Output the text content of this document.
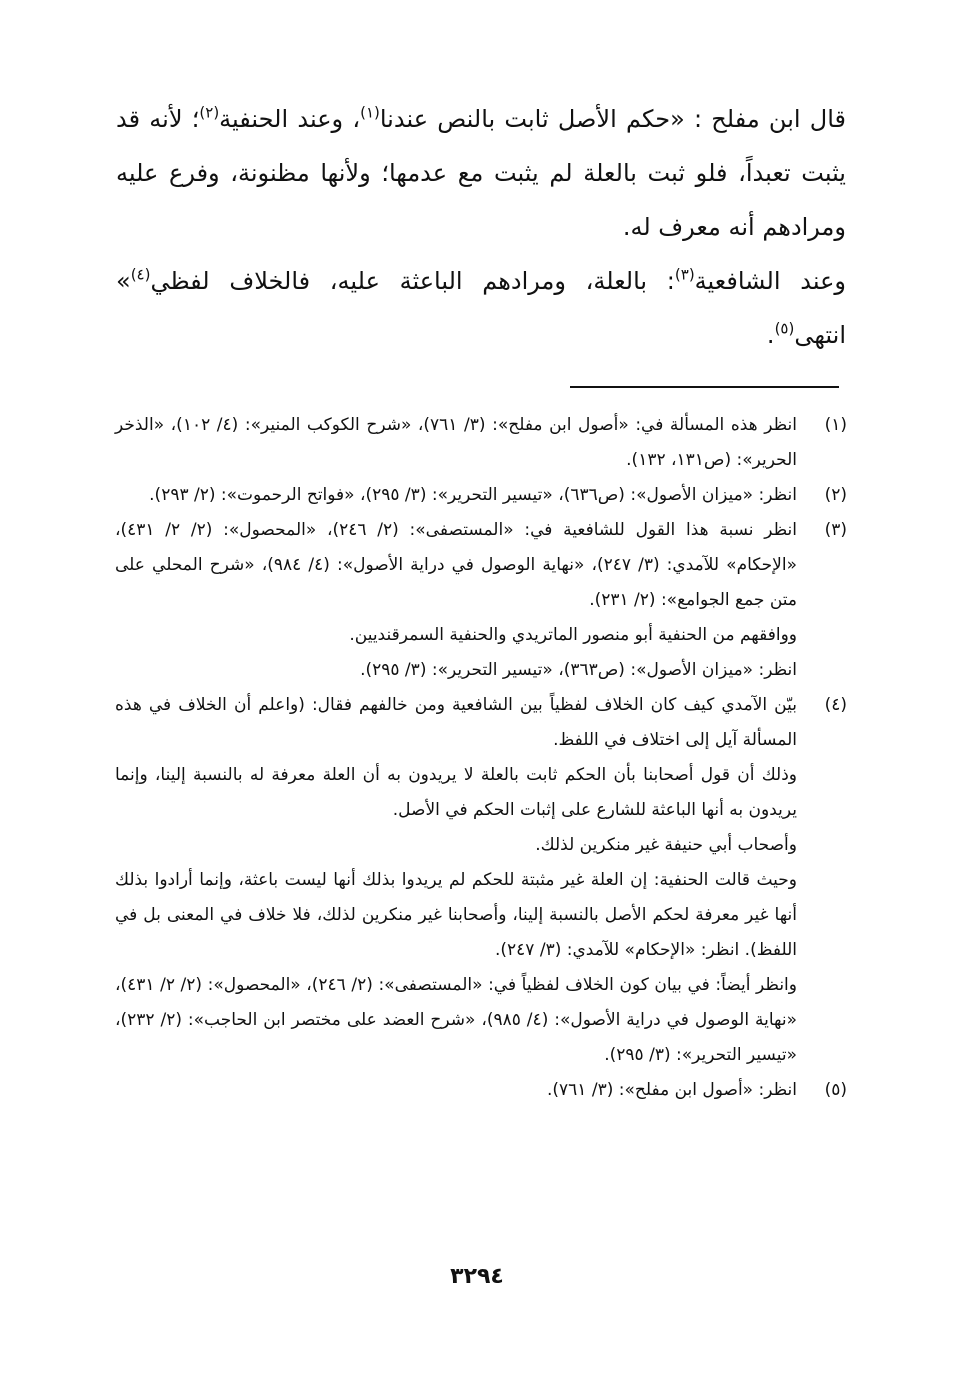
قال ابن مفلح : «حكم الأصل ثابت بالنص عندنا$^{(١)}$، وعند الحنفية$^{(٢)}$؛ لأنه قد يثبت تعبداً، فلو ثبت بالعلة لم يثبت مع عدمها؛ ولأنها مظنونة، وفرع عليه ومرادهم أنه معرف له.

وعند الشافعية$^{(٣)}$: بالعلة، ومرادهم الباعثة عليه، فالخلاف لفظي$^{(٤)}$» انتهى$^{(٥)}$.

(١)

انظر هذه المسألة في: «أصول ابن مفلح»: (٣/ ٧٦١)، «شرح الكوكب المنير»: (٤/ ١٠٢)، «الذخر الحرير»: (ص١٣١، ١٣٢).

(٢)

انظر: «ميزان الأصول»: (ص٦٣٦)، «تيسير التحرير»: (٣/ ٢٩٥)، «فواتح الرحموت»: (٢/ ٢٩٣).

(٣)

انظر نسبة هذا القول للشافعية في: «المستصفى»: (٢/ ٢٤٦)، «المحصول»: (٢/ ٢/ ٤٣١)، «الإحكام» للآمدي: (٣/ ٢٤٧)، «نهاية الوصول في دراية الأصول»: (٤/ ٩٨٤)، «شرح المحلي على متن جمع الجوامع»: (٢/ ٢٣١).

ووافقهم من الحنفية أبو منصور الماتريدي والحنفية السمرقنديين.

انظر: «ميزان الأصول»: (ص٣٦٣)، «تيسير التحرير»: (٣/ ٢٩٥).

(٤)

بيّن الآمدي كيف كان الخلاف لفظياً بين الشافعية ومن خالفهم فقال: (واعلم أن الخلاف في هذه المسألة آيل إلى اختلاف في اللفظ.

وذلك أن قول أصحابنا بأن الحكم ثابت بالعلة لا يريدون به أن العلة معرفة له بالنسبة إلينا، وإنما يريدون به أنها الباعثة للشارع على إثبات الحكم في الأصل.

وأصحاب أبي حنيفة غير منكرين لذلك.

وحيث قالت الحنفية: إن العلة غير مثبتة للحكم لم يريدوا بذلك أنها ليست باعثة، وإنما أرادوا بذلك أنها غير معرفة لحكم الأصل بالنسبة إلينا، وأصحابنا غير منكرين لذلك، فلا خلاف في المعنى بل في اللفظ). انظر: «الإحكام» للآمدي: (٣/ ٢٤٧).

وانظر أيضاً: في بيان كون الخلاف لفظياً في: «المستصفى»: (٢/ ٢٤٦)، «المحصول»: (٢/ ٢/ ٤٣١)، «نهاية الوصول في دراية الأصول»: (٤/ ٩٨٥)، «شرح العضد على مختصر ابن الحاجب»: (٢/ ٢٣٢)، «تيسير التحرير»: (٣/ ٢٩٥).

(٥)

انظر: «أصول ابن مفلح»: (٣/ ٧٦١).

٣٢٩٤
